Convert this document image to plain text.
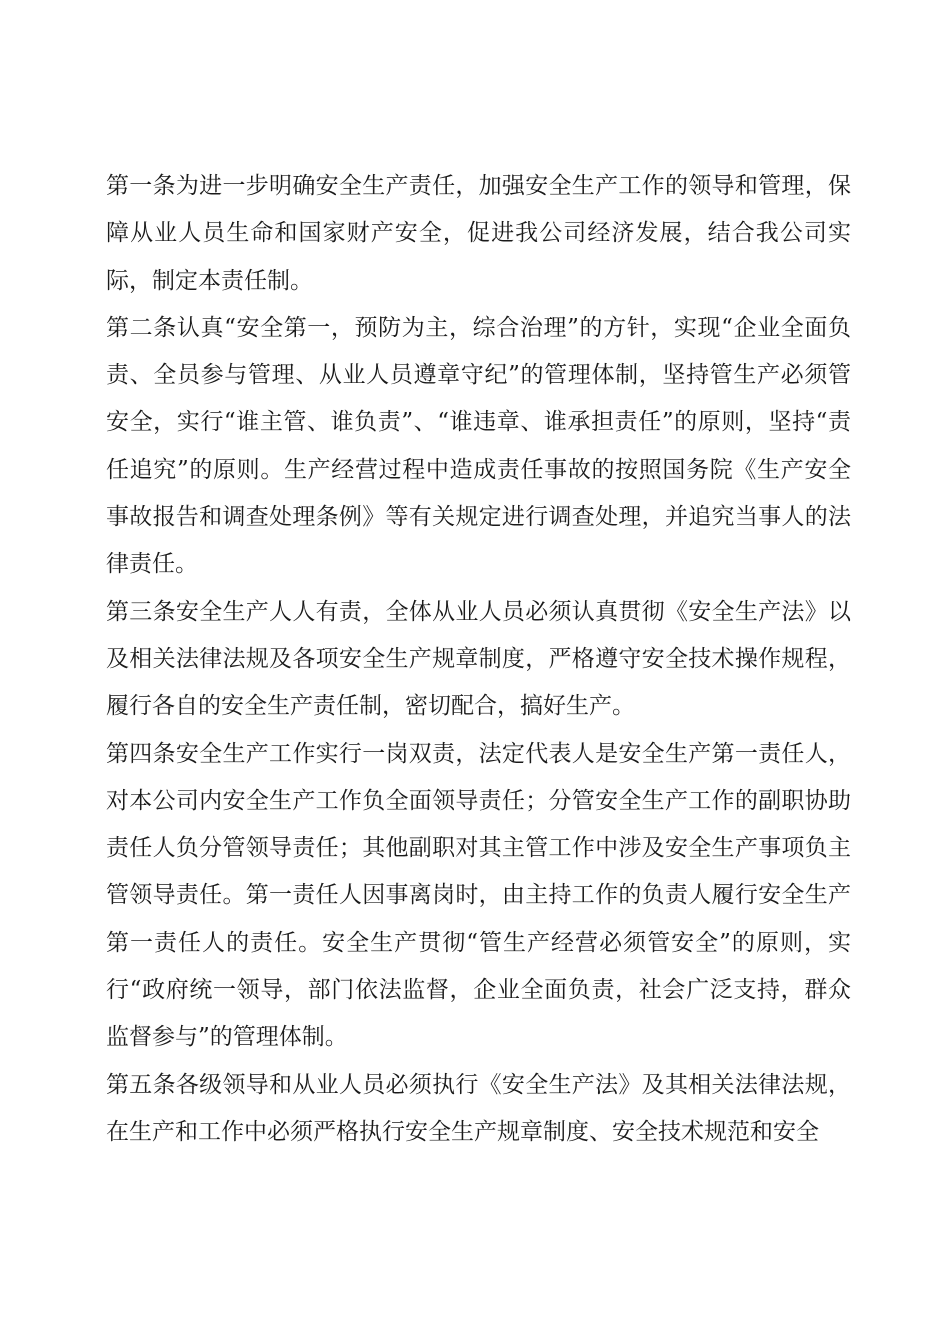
第一条为进一步明确安全生产责任，加强安全生产工作的领导和管理，保障从业人员生命和国家财产安全，促进我公司经济发展，结合我公司实际，制定本责任制。

第二条认真“安全第一，预防为主，综合治理”的方针，实现“企业全面负责、全员参与管理、从业人员遵章守纪”的管理体制，坚持管生产必须管安全，实行“谁主管、谁负责”、“谁违章、谁承担责任”的原则，坚持“责任追究”的原则。生产经营过程中造成责任事故的按照国务院《生产安全事故报告和调查处理条例》等有关规定进行调查处理，并追究当事人的法律责任。

第三条安全生产人人有责，全体从业人员必须认真贯彻《安全生产法》以及相关法律法规及各项安全生产规章制度，严格遵守安全技术操作规程，履行各自的安全生产责任制，密切配合，搞好生产。

第四条安全生产工作实行一岗双责，法定代表人是安全生产第一责任人，对本公司内安全生产工作负全面领导责任；分管安全生产工作的副职协助责任人负分管领导责任；其他副职对其主管工作中涉及安全生产事项负主管领导责任。第一责任人因事离岗时，由主持工作的负责人履行安全生产第一责任人的责任。安全生产贯彻“管生产经营必须管安全”的原则，实行“政府统一领导，部门依法监督，企业全面负责，社会广泛支持，群众监督参与”的管理体制。

第五条各级领导和从业人员必须执行《安全生产法》及其相关法律法规，在生产和工作中必须严格执行安全生产规章制度、安全技术规范和安全
